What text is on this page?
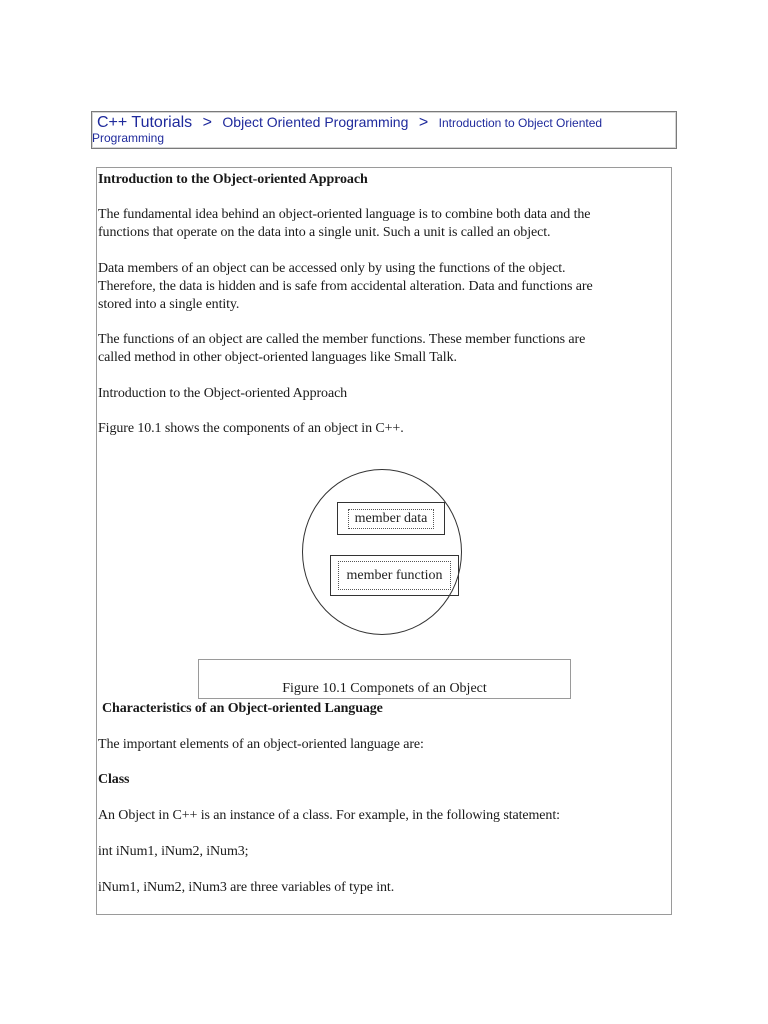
C++ Tutorials > Object Oriented Programming > Introduction to Object Oriented
Programming
Introduction to the Object-oriented Approach
The fundamental idea behind an object-oriented language is to combine both data and the
functions that operate on the data into a single unit. Such a unit is called an object.
Data members of an object can be accessed only by using the functions of the object.
Therefore, the data is hidden and is safe from accidental alteration. Data and functions are
stored into a single entity.
The functions of an object are called the member functions. These member functions are
called method in other object-oriented languages like Small Talk.
Introduction to the Object-oriented Approach
Figure 10.1 shows the components of an object in C++.
member data
member function
Figure 10.1 Componets of an Object
Characteristics of an Object-oriented Language
The important elements of an object-oriented language are:
Class
An Object in C++ is an instance of a class. For example, in the following statement:
int iNum1, iNum2, iNum3;
iNum1, iNum2, iNum3 are three variables of type int.
